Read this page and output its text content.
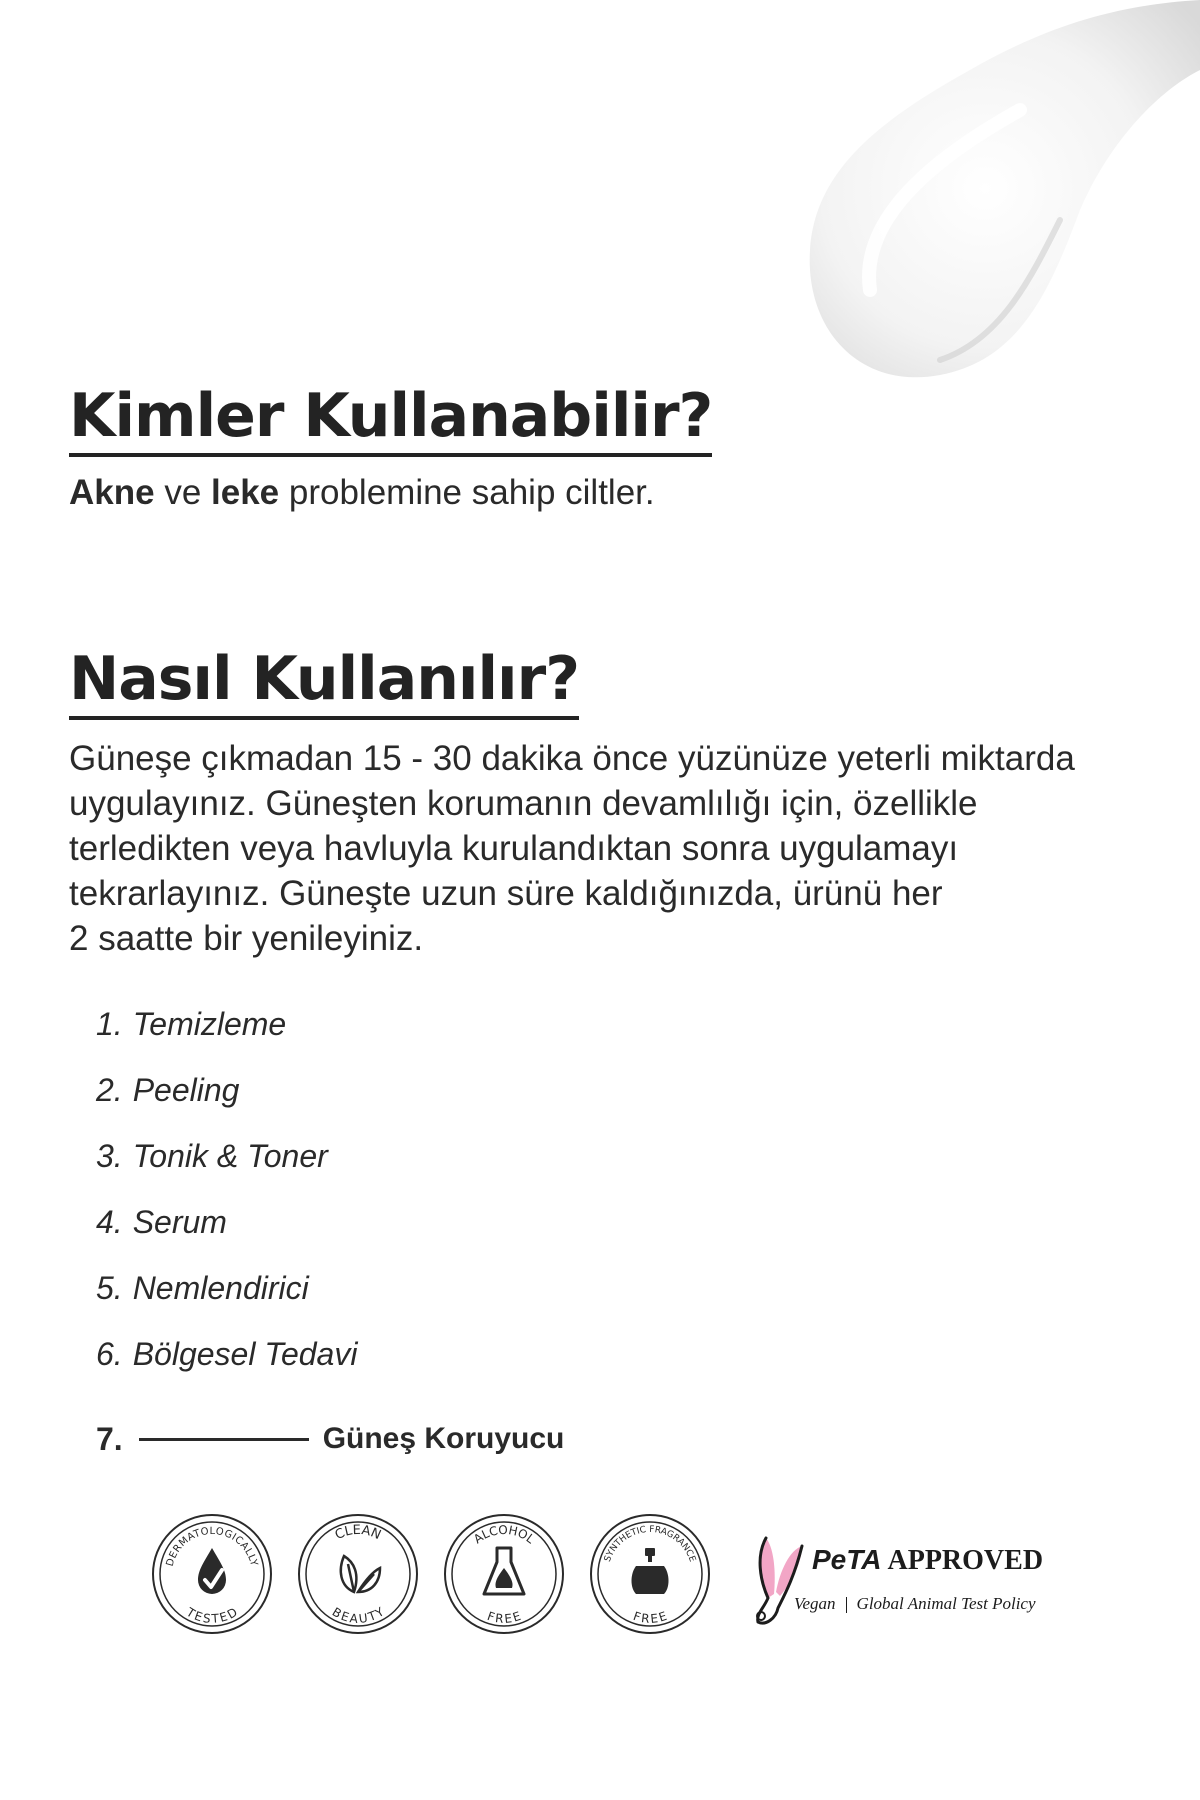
Kimler Kullanabilir?
Akne ve leke problemine sahip ciltler.
Nasıl Kullanılır?
Güneşe çıkmadan 15 - 30 dakika önce yüzünüze yeterli miktarda
uygulayınız. Güneşten korumanın devamlılığı için, özellikle
terledikten veya havluyla kurulandıktan sonra uygulamayı
tekrarlayınız. Güneşte uzun süre kaldığınızda, ürünü her
2 saatte bir yenileyiniz.
1. Temizleme
2. Peeling
3. Tonik & Toner
4. Serum
5. Nemlendirici
6. Bölgesel Tedavi
7.	Güneş Koruyucu
DERMATOLOGICALLY
TESTED
CLEAN
BEAUTY
ALCOHOL
FREE
SYNTHETIC FRAGRANCE
FREE
PeTA APPROVED
Vegan Global Animal Test Policy
